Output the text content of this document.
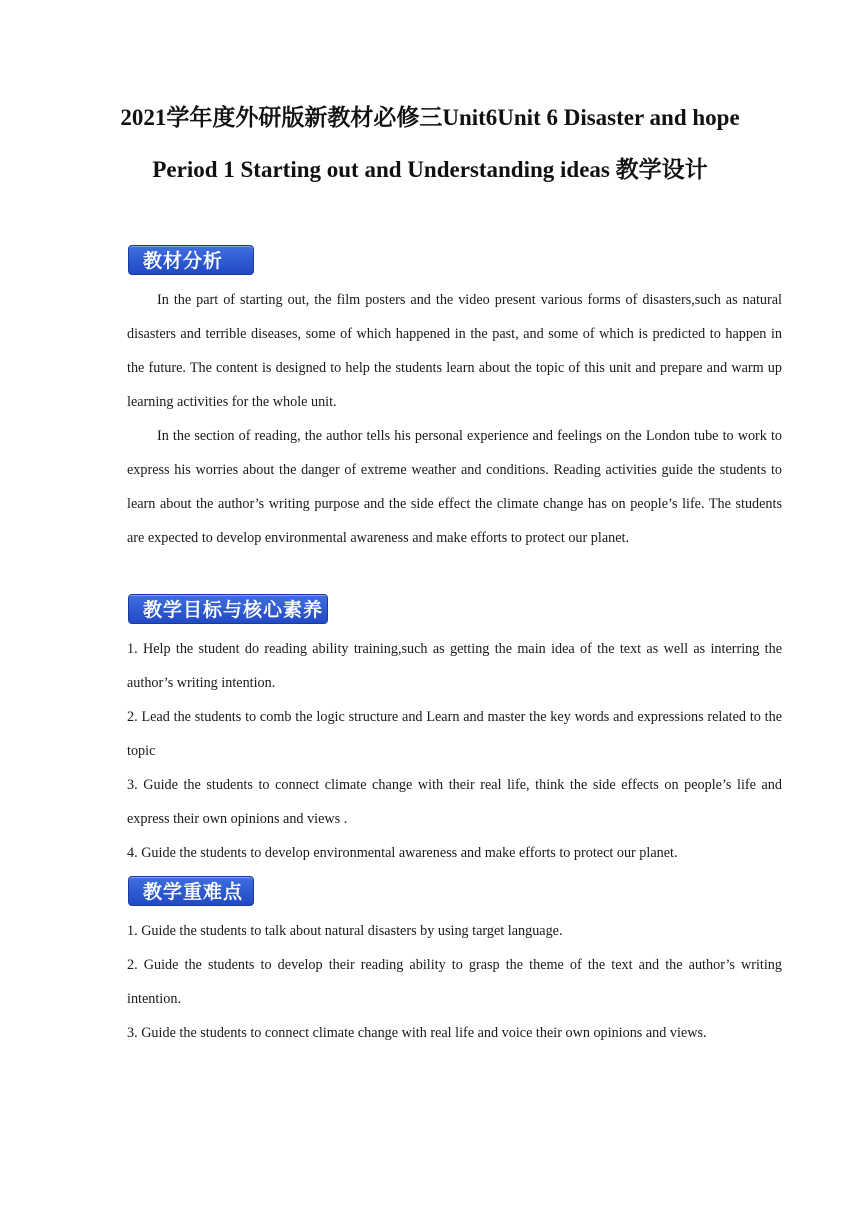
2021学年度外研版新教材必修三Unit6Unit 6 Disaster and hope
Period 1 Starting out and Understanding ideas 教学设计
教材分析

In the part of starting out, the film posters and the video present various forms of disasters,such as natural disasters and terrible diseases, some of which happened in the past, and some of which is predicted to happen in the future. The content is designed to help the students learn about the topic of this unit and prepare and warm up learning activities for the whole unit.

In the section of reading, the author tells his personal experience and feelings on the London tube to work to express his worries about the danger of extreme weather and conditions. Reading activities guide the students to learn about the author’s writing purpose and the side effect the climate change has on people’s life. The students are expected to develop environmental awareness and make efforts to protect our planet.

教学目标与核心素养

1. Help the student do reading ability training,such as getting the main idea of the text as well as interring the author’s writing intention.

2. Lead the students to comb the logic structure and Learn and master the key words and expressions related to the topic

3. Guide the students to connect climate change with their real life, think the side effects on people’s life and express their own opinions and views .

4. Guide the students to develop environmental awareness and make efforts to protect our planet.

教学重难点

1. Guide the students to talk about natural disasters by using target language.

2. Guide the students to develop their reading ability to grasp the theme of the text and the author’s writing intention.

3. Guide the students to connect climate change with real life and voice their own opinions and views.
